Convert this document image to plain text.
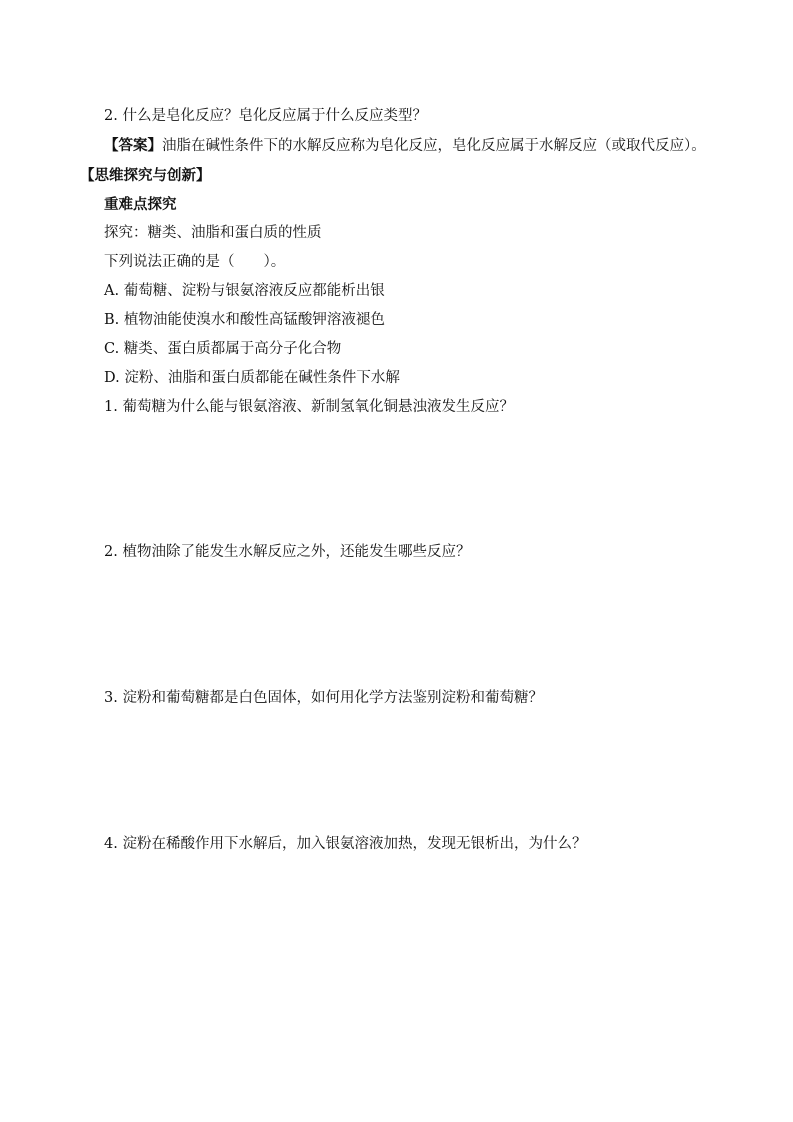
2. 什么是皂化反应？皂化反应属于什么反应类型？

【答案】油脂在碱性条件下的水解反应称为皂化反应，皂化反应属于水解反应（或取代反应）。

【思维探究与创新】

重难点探究

探究：糖类、油脂和蛋白质的性质

下列说法正确的是（　　）。

A. 葡萄糖、淀粉与银氨溶液反应都能析出银

B. 植物油能使溴水和酸性高锰酸钾溶液褪色

C. 糖类、蛋白质都属于高分子化合物

D. 淀粉、油脂和蛋白质都能在碱性条件下水解

1. 葡萄糖为什么能与银氨溶液、新制氢氧化铜悬浊液发生反应？

2. 植物油除了能发生水解反应之外，还能发生哪些反应？

3. 淀粉和葡萄糖都是白色固体，如何用化学方法鉴别淀粉和葡萄糖？

4. 淀粉在稀酸作用下水解后，加入银氨溶液加热，发现无银析出，为什么？
